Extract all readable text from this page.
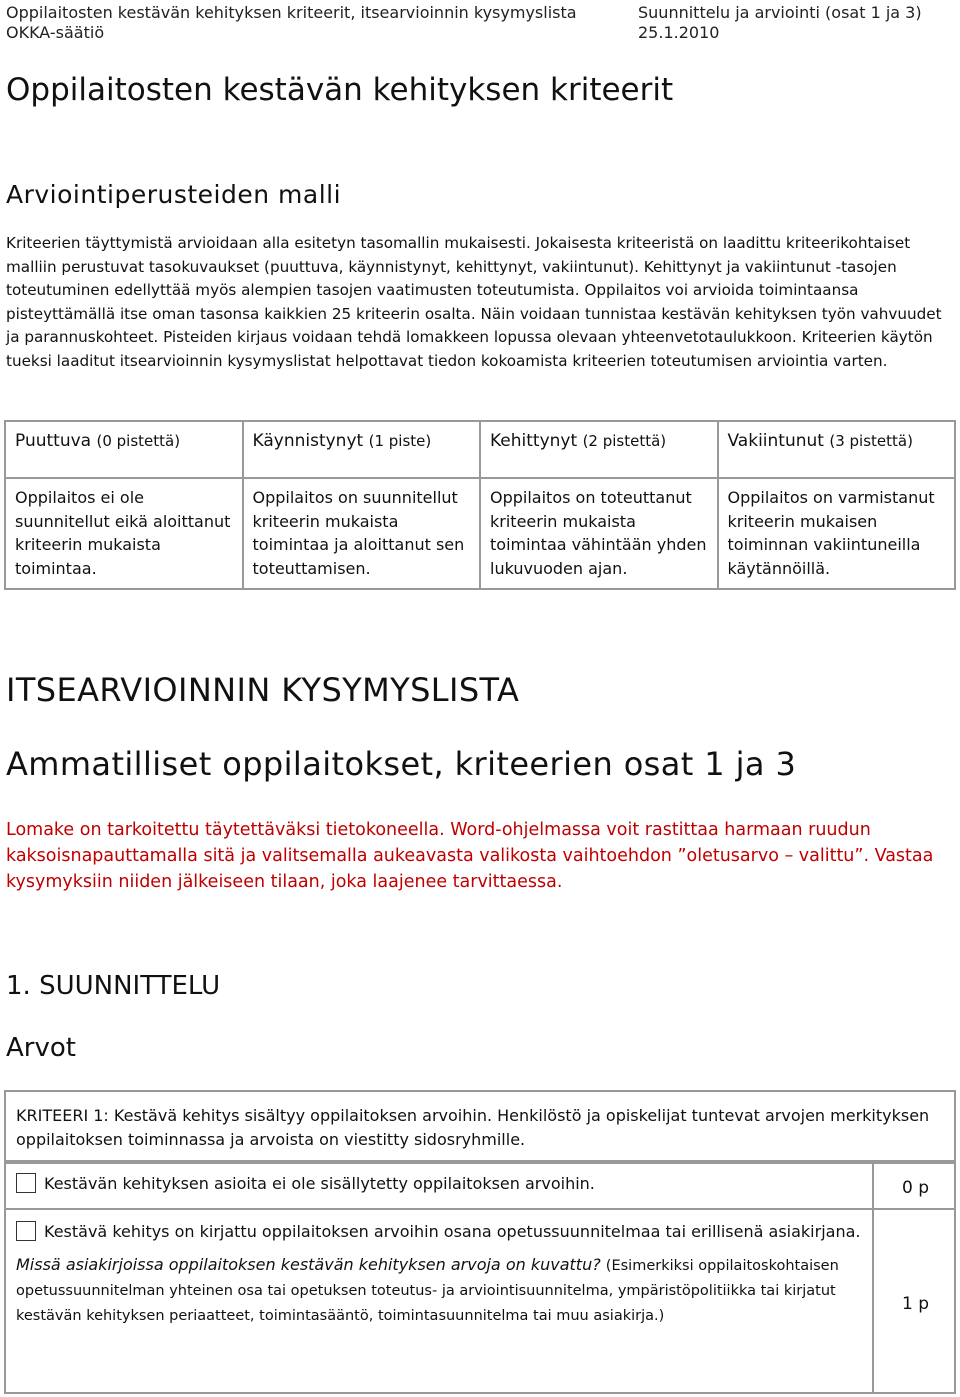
Oppilaitosten kestävän kehityksen kriteerit, itsearvioinnin kysymyslista
OKKA-säätiö
Suunnittelu ja arviointi (osat 1 ja 3)
25.1.2010
Oppilaitosten kestävän kehityksen kriteerit
Arviointiperusteiden malli
Kriteerien täyttymistä arvioidaan alla esitetyn tasomallin mukaisesti. Jokaisesta kriteeristä on laadittu kriteerikohtaiset malliin perustuvat tasokuvaukset (puuttuva, käynnistynyt, kehittynyt, vakiintunut). Kehittynyt ja vakiintunut -tasojen toteutuminen edellyttää myös alempien tasojen vaatimusten toteutumista. Oppilaitos voi arvioida toimintaansa pisteyttämällä itse oman tasonsa kaikkien 25 kriteerin osalta. Näin voidaan tunnistaa kestävän kehityksen työn vahvuudet ja parannuskohteet. Pisteiden kirjaus voidaan tehdä lomakkeen lopussa olevaan yhteenvetotaulukkoon. Kriteerien käytön tueksi laaditut itsearvioinnin kysymyslistat helpottavat tiedon kokoamista kriteerien toteutumisen arviointia varten.
Puuttuva (0 pistettä)	Käynnistynyt (1 piste)	Kehittynyt (2 pistettä)	Vakiintunut (3 pistettä)
Oppilaitos ei ole suunnitellut eikä aloittanut kriteerin mukaista toimintaa.	Oppilaitos on suunnitellut kriteerin mukaista toimintaa ja aloittanut sen toteuttamisen.	Oppilaitos on toteuttanut kriteerin mukaista toimintaa vähintään yhden lukuvuoden ajan.	Oppilaitos on varmistanut kriteerin mukaisen toiminnan vakiintuneilla käytännöillä.
ITSEARVIOINNIN KYSYMYSLISTA
Ammatilliset oppilaitokset, kriteerien osat 1 ja 3
Lomake on tarkoitettu täytettäväksi tietokoneella. Word-ohjelmassa voit rastittaa harmaan ruudun kaksoisnapauttamalla sitä ja valitsemalla aukeavasta valikosta vaihtoehdon ”oletusarvo – valittu”. Vastaa kysymyksiin niiden jälkeiseen tilaan, joka laajenee tarvittaessa.
1. SUUNNITTELU
Arvot
KRITEERI 1: Kestävä kehitys sisältyy oppilaitoksen arvoihin. Henkilöstö ja opiskelijat tuntevat arvojen merkityksen oppilaitoksen toiminnassa ja arvoista on viestitty sidosryhmille.
Kestävän kehityksen asioita ei ole sisällytetty oppilaitoksen arvoihin.	0 p
Kestävä kehitys on kirjattu oppilaitoksen arvoihin osana opetussuunnitelmaa tai erillisenä asiakirjana.
Missä asiakirjoissa oppilaitoksen kestävän kehityksen arvoja on kuvattu? (Esimerkiksi oppilaitoskohtaisen opetussuunnitelman yhteinen osa tai opetuksen toteutus- ja arviointisuunnitelma, ympäristöpolitiikka tai kirjatut kestävän kehityksen periaatteet, toimintasääntö, toimintasuunnitelma tai muu asiakirja.)
1 p
